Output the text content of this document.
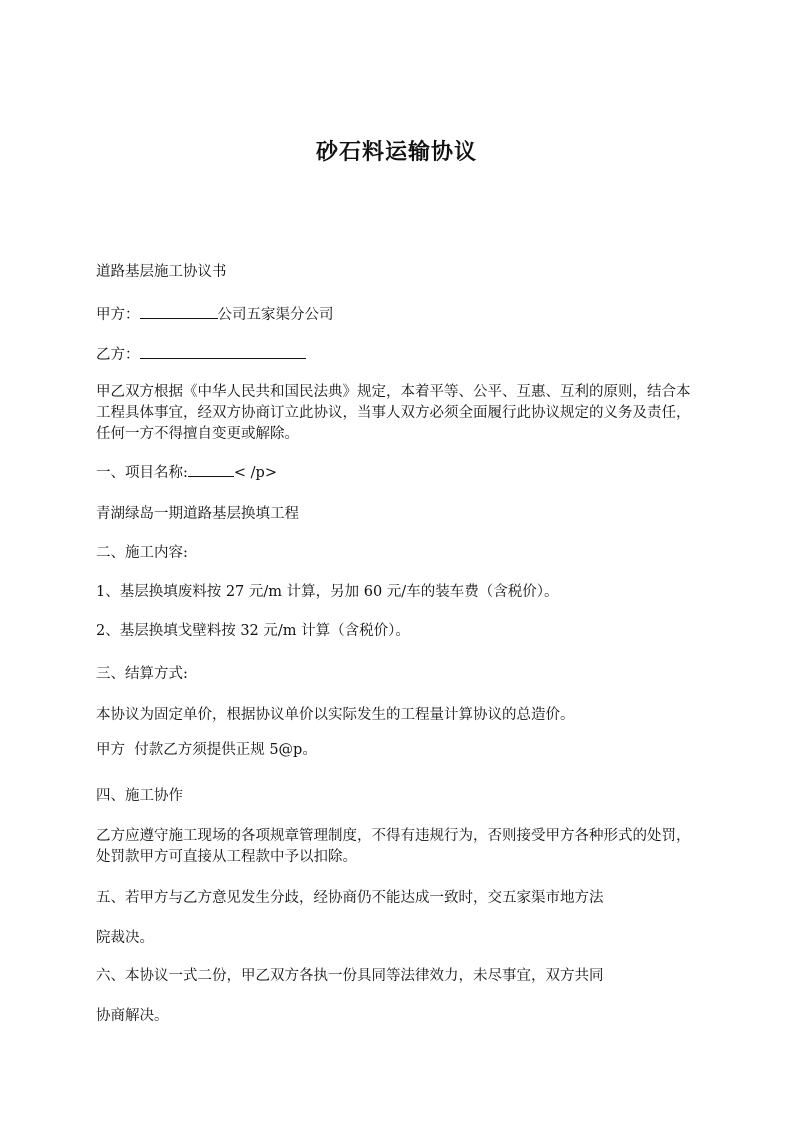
砂石料运输协议
道路基层施工协议书
甲方：	公司五家渠分公司
乙方：
甲乙双方根据《中华人民共和国民法典》规定，本着平等、公平、互惠、互利的原则，结合本工程具体事宜，经双方协商订立此协议，当事人双方必须全面履行此协议规定的义务及责任，任何一方不得擅自变更或解除。
一、项目名称:	< /p>
青湖绿岛一期道路基层换填工程
二、施工内容:
1、基层换填废料按 27 元/m 计算，另加 60 元/车的装车费（含税价）。
2、基层换填戈壁料按 32 元/m 计算（含税价）。
三、结算方式:
本协议为固定单价，根据协议单价以实际发生的工程量计算协议的总造价。
甲方  付款乙方须提供正规 5@p。
四、施工协作
乙方应遵守施工现场的各项规章管理制度，不得有违规行为，否则接受甲方各种形式的处罚，处罚款甲方可直接从工程款中予以扣除。
五、若甲方与乙方意见发生分歧，经协商仍不能达成一致时，交五家渠市地方法
院裁决。
六、本协议一式二份，甲乙双方各执一份具同等法律效力，未尽事宜，双方共同
协商解决。
